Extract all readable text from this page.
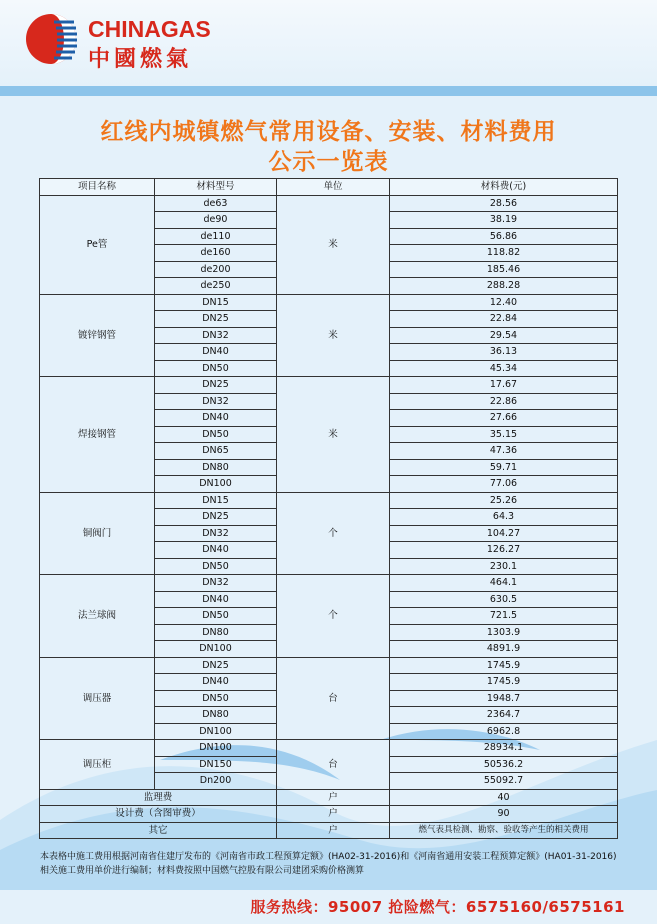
CHINAGAS
中國燃氣
红线内城镇燃气常用设备、安装、材料费用
公示一览表
项目名称	材料型号	单位	材料费(元)
Pe管	de63	米	28.56
	de90		38.19
	de110		56.86
	de160		118.82
	de200		185.46
	de250		288.28
镀锌钢管	DN15	米	12.40
	DN25		22.84
	DN32		29.54
	DN40		36.13
	DN50		45.34
焊接钢管	DN25	米	17.67
	DN32		22.86
	DN40		27.66
	DN50		35.15
	DN65		47.36
	DN80		59.71
	DN100		77.06
铜阀门	DN15	个	25.26
	DN25		64.3
	DN32		104.27
	DN40		126.27
	DN50		230.1
法兰球阀	DN32	个	464.1
	DN40		630.5
	DN50		721.5
	DN80		1303.9
	DN100		4891.9
调压器	DN25	台	1745.9
	DN40		1745.9
	DN50		1948.7
	DN80		2364.7
	DN100		6962.8
调压柜	DN100	台	28934.1
	DN150		50536.2
	Dn200		55092.7
监理费		户	40
设计费（含图审费）		户	90
其它		户	燃气表具检测、勘察、验收等产生的相关费用
本表格中施工费用根据河南省住建厅发布的《河南省市政工程预算定额》(HA02-31-2016)和《河南省通用安装工程预算定额》(HA01-31-2016)相关施工费用单价进行编制；材料费按照中国燃气控股有限公司建团采购价格测算
服务热线：95007 抢险燃气：6575160/6575161
